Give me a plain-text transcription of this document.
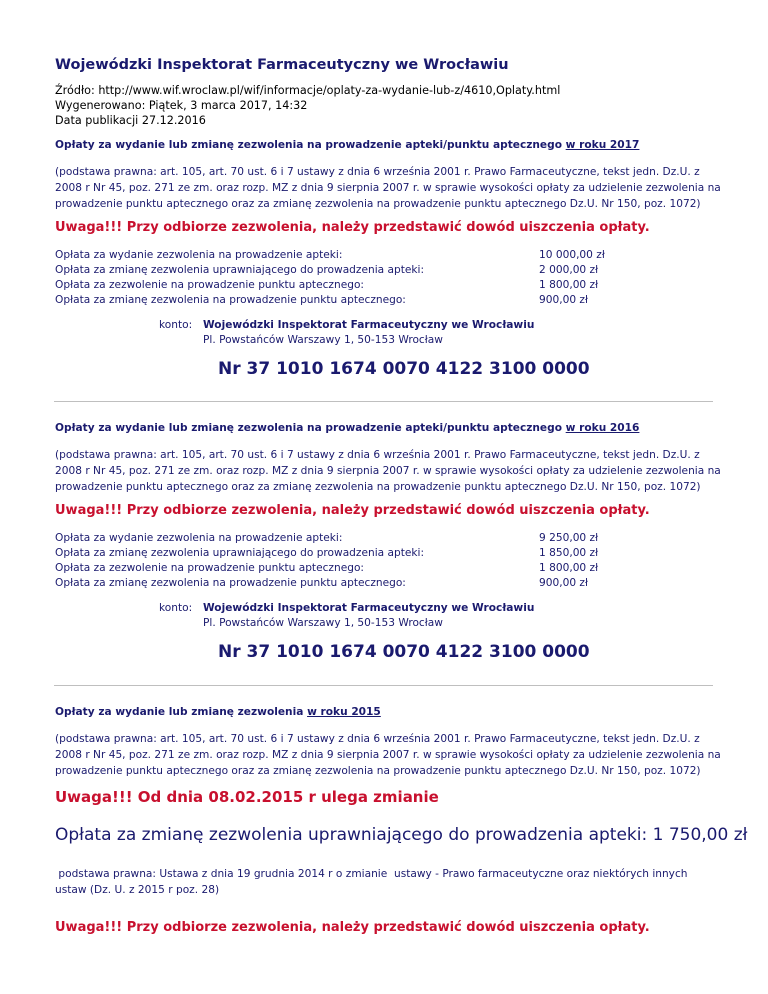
Wojewódzki Inspektorat Farmaceutyczny we Wrocławiu
Źródło: http://www.wif.wroclaw.pl/wif/informacje/oplaty-za-wydanie-lub-z/4610,Oplaty.html
Wygenerowano: Piątek, 3 marca 2017, 14:32
Data publikacji 27.12.2016
Opłaty za wydanie lub zmianę zezwolenia na prowadzenie apteki/punktu aptecznego w roku 2017
(podstawa prawna: art. 105, art. 70 ust. 6 i 7 ustawy z dnia 6 września 2001 r. Prawo Farmaceutyczne, tekst jedn. Dz.U. z
2008 r Nr 45, poz. 271 ze zm. oraz rozp. MZ z dnia 9 sierpnia 2007 r. w sprawie wysokości opłaty za udzielenie zezwolenia na
prowadzenie punktu aptecznego oraz za zmianę zezwolenia na prowadzenie punktu aptecznego Dz.U. Nr 150, poz. 1072)
Uwaga!!! Przy odbiorze zezwolenia, należy przedstawić dowód uiszczenia opłaty.
Opłata za wydanie zezwolenia na prowadzenie apteki:	10 000,00 zł
Opłata za zmianę zezwolenia uprawniającego do prowadzenia apteki:	2 000,00 zł
Opłata za zezwolenie na prowadzenie punktu aptecznego:	1 800,00 zł
Opłata za zmianę zezwolenia na prowadzenie punktu aptecznego:	900,00 zł
konto: Wojewódzki Inspektorat Farmaceutyczny we Wrocławiu
Pl. Powstańców Warszawy 1, 50-153 Wrocław
Nr 37 1010 1674 0070 4122 3100 0000
Opłaty za wydanie lub zmianę zezwolenia na prowadzenie apteki/punktu aptecznego w roku 2016
(podstawa prawna: art. 105, art. 70 ust. 6 i 7 ustawy z dnia 6 września 2001 r. Prawo Farmaceutyczne, tekst jedn. Dz.U. z
2008 r Nr 45, poz. 271 ze zm. oraz rozp. MZ z dnia 9 sierpnia 2007 r. w sprawie wysokości opłaty za udzielenie zezwolenia na
prowadzenie punktu aptecznego oraz za zmianę zezwolenia na prowadzenie punktu aptecznego Dz.U. Nr 150, poz. 1072)
Uwaga!!! Przy odbiorze zezwolenia, należy przedstawić dowód uiszczenia opłaty.
Opłata za wydanie zezwolenia na prowadzenie apteki:	9 250,00 zł
Opłata za zmianę zezwolenia uprawniającego do prowadzenia apteki:	1 850,00 zł
Opłata za zezwolenie na prowadzenie punktu aptecznego:	1 800,00 zł
Opłata za zmianę zezwolenia na prowadzenie punktu aptecznego:	900,00 zł
konto: Wojewódzki Inspektorat Farmaceutyczny we Wrocławiu
Pl. Powstańców Warszawy 1, 50-153 Wrocław
Nr 37 1010 1674 0070 4122 3100 0000
Opłaty za wydanie lub zmianę zezwolenia w roku 2015
(podstawa prawna: art. 105, art. 70 ust. 6 i 7 ustawy z dnia 6 września 2001 r. Prawo Farmaceutyczne, tekst jedn. Dz.U. z
2008 r Nr 45, poz. 271 ze zm. oraz rozp. MZ z dnia 9 sierpnia 2007 r. w sprawie wysokości opłaty za udzielenie zezwolenia na
prowadzenie punktu aptecznego oraz za zmianę zezwolenia na prowadzenie punktu aptecznego Dz.U. Nr 150, poz. 1072)
Uwaga!!! Od dnia 08.02.2015 r ulega zmianie
Opłata za zmianę zezwolenia uprawniającego do prowadzenia apteki: 1 750,00 zł
podstawa prawna: Ustawa z dnia 19 grudnia 2014 r o zmianie  ustawy - Prawo farmaceutyczne oraz niektórych innych
ustaw (Dz. U. z 2015 r poz. 28)
Uwaga!!! Przy odbiorze zezwolenia, należy przedstawić dowód uiszczenia opłaty.
